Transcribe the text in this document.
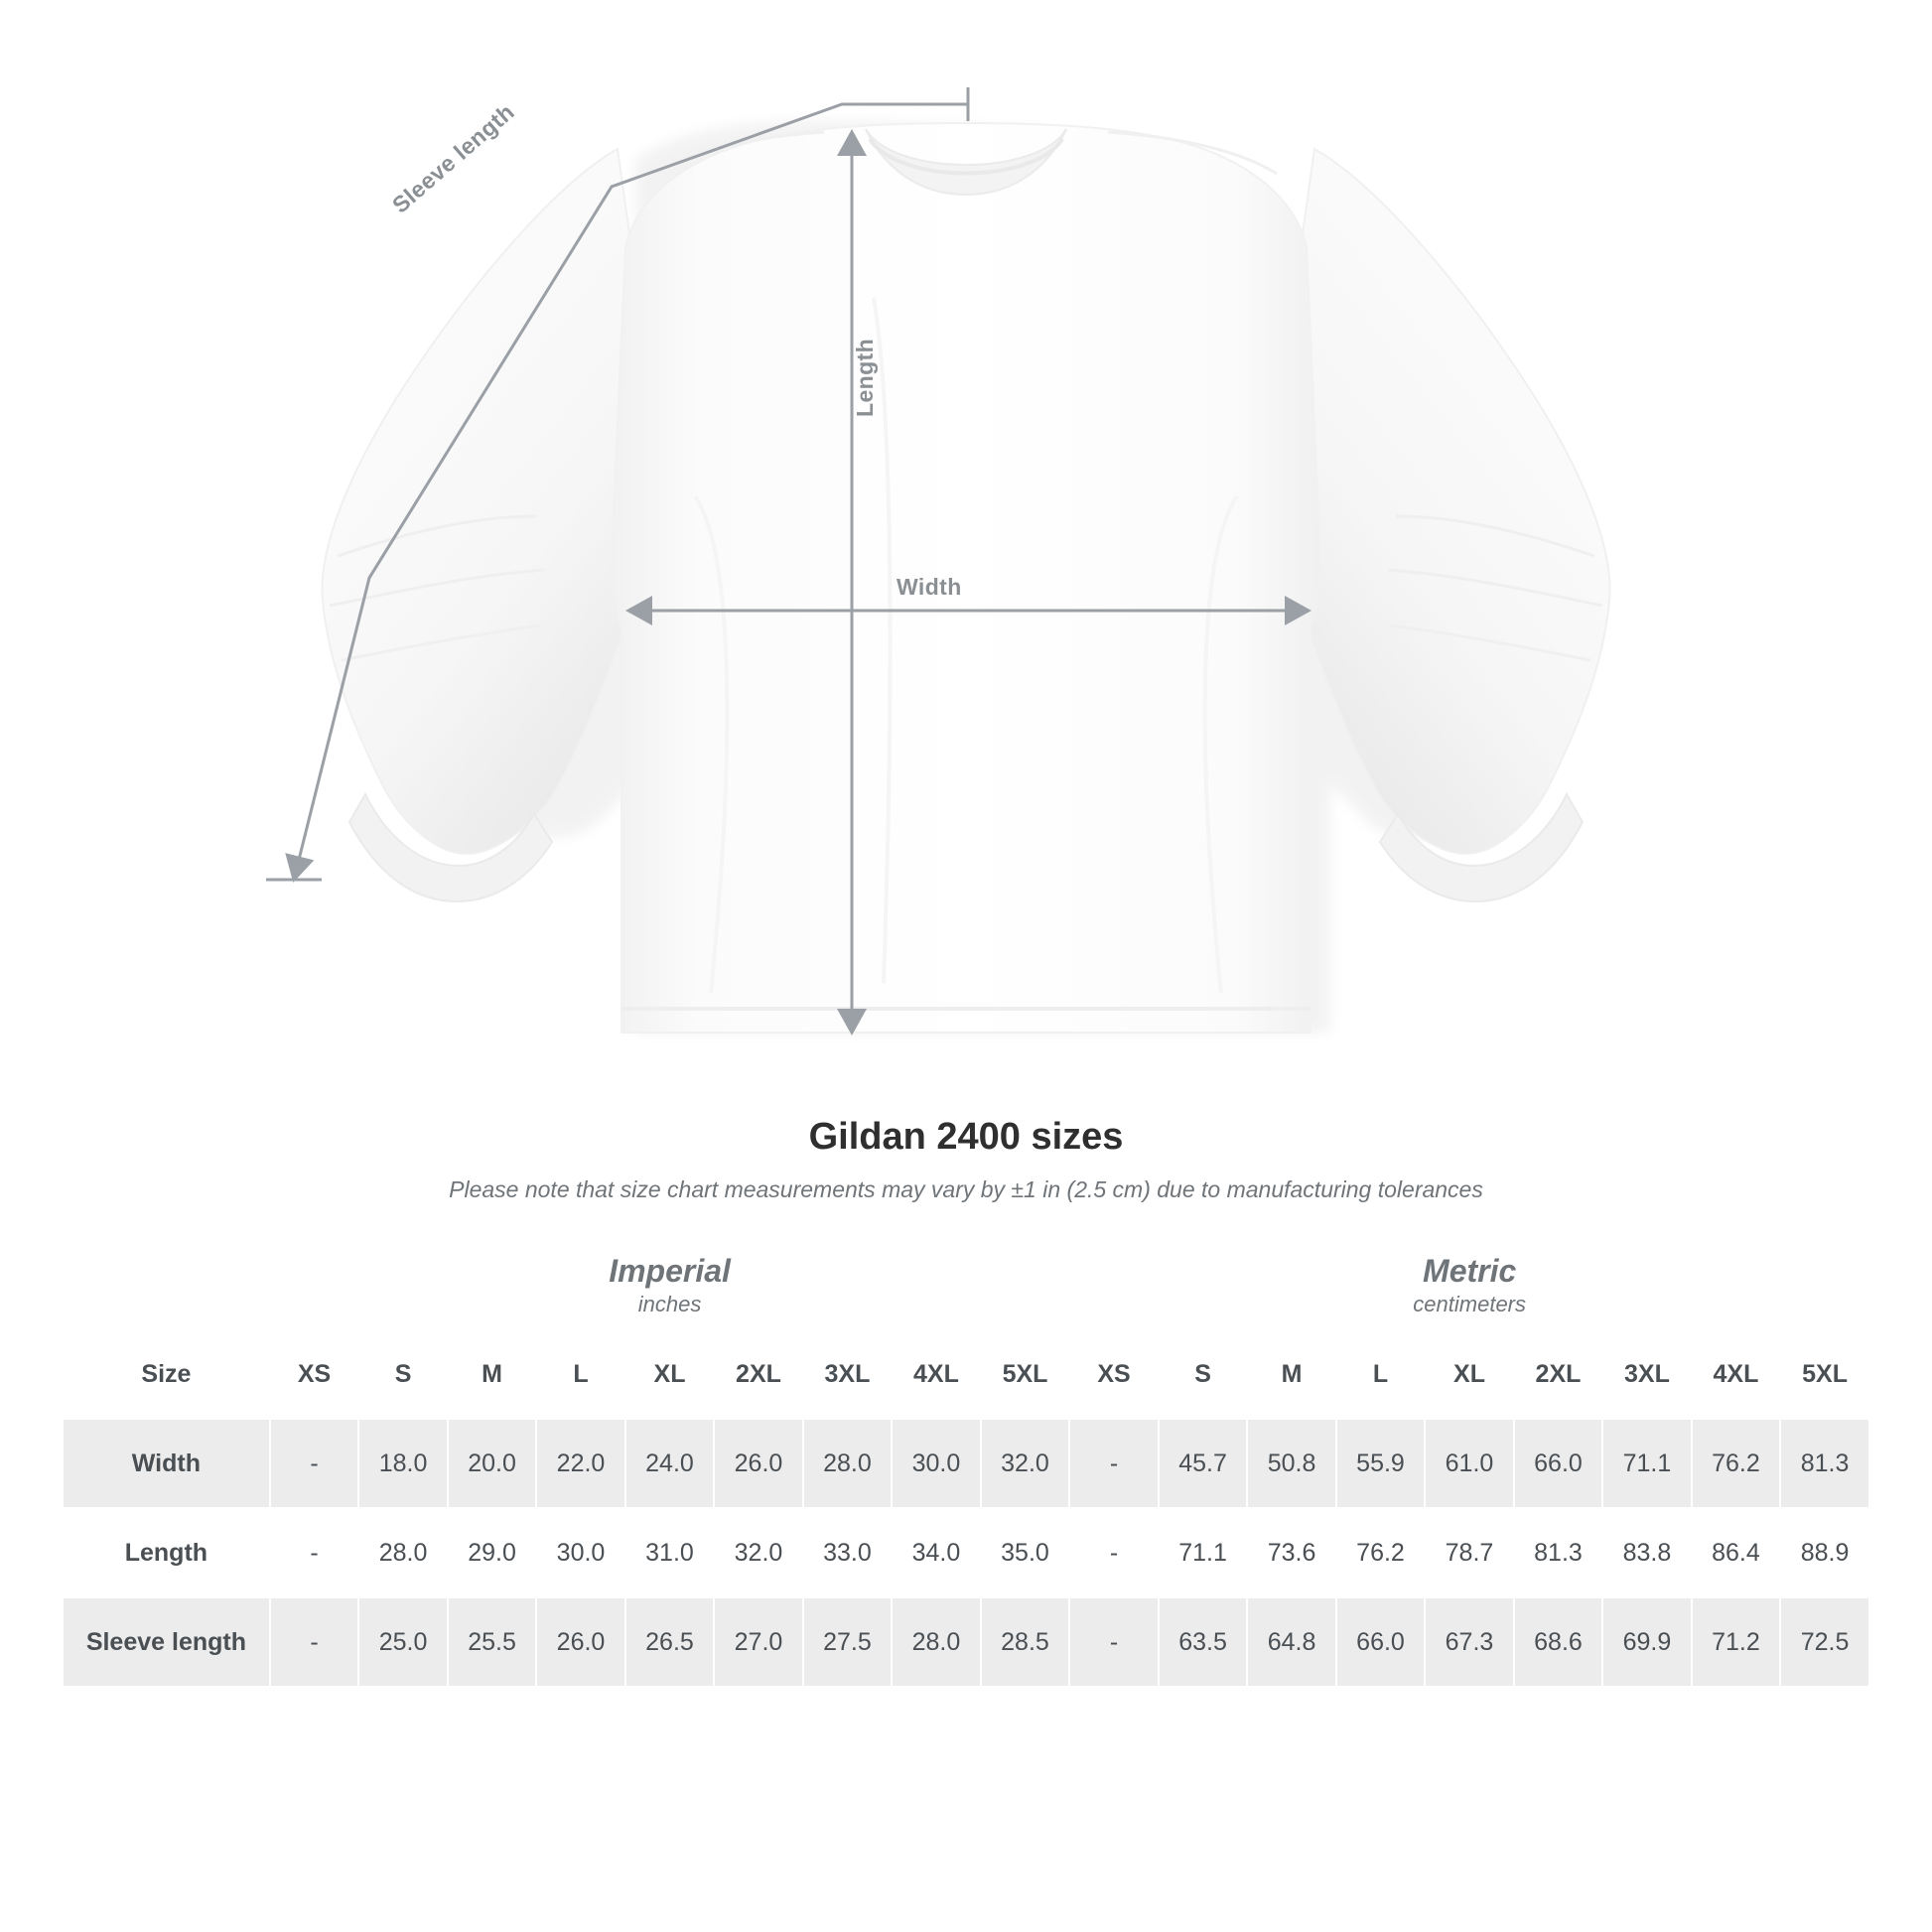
Length
Width
Sleeve length
Gildan 2400 sizes

Please note that size chart measurements may vary by ±1 in (2.5 cm) due to manufacturing tolerances

Imperial
inches

Metric
centimeters

Size	XS	S	M	L	XL	2XL	3XL	4XL	5XL	XS	S	M	L	XL	2XL	3XL	4XL	5XL
Width	-	18.0	20.0	22.0	24.0	26.0	28.0	30.0	32.0	-	45.7	50.8	55.9	61.0	66.0	71.1	76.2	81.3
Length	-	28.0	29.0	30.0	31.0	32.0	33.0	34.0	35.0	-	71.1	73.6	76.2	78.7	81.3	83.8	86.4	88.9
Sleeve length	-	25.0	25.5	26.0	26.5	27.0	27.5	28.0	28.5	-	63.5	64.8	66.0	67.3	68.6	69.9	71.2	72.5
